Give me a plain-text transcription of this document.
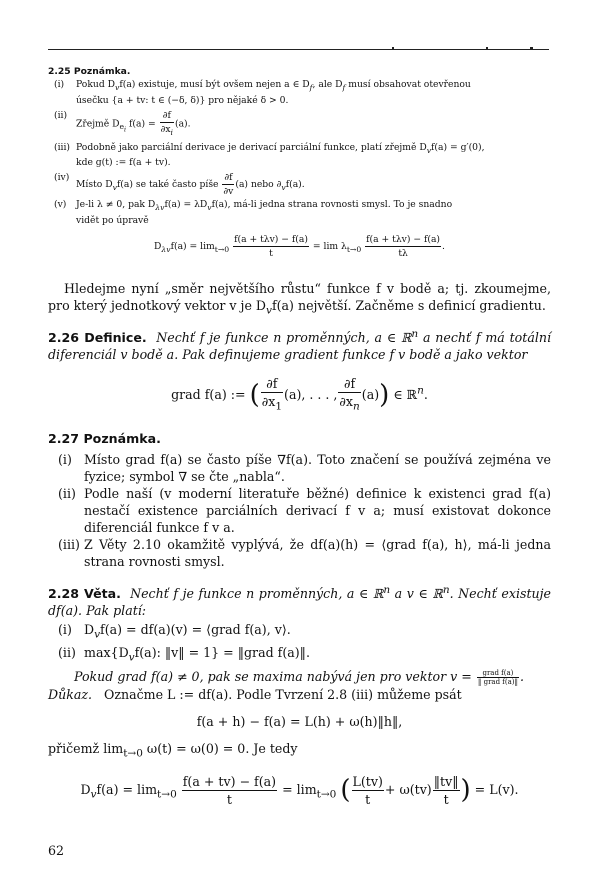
2.25 Poznámka.
(i) Pokud $D_vf(a)$ existuje, musí být ovšem nejen a ∈ $D_f$, ale $D_f$ musí obsahovat otevřenou
úsečku {a + tv: t ∈ (−δ, δ)} pro nějaké δ > 0.
(ii)
Zřejmě $D_{e_i}$ $f(a) = \frac{\partial f}{\partial x_i} (a)$.
(iii) Podobně jako parciální derivace je derivací parciální funkce, platí zřejmě $D_vf(a) = g'(0)$,
kde g(t) := f(a + tv).
(iv)
Místo $D_vf(a)$ se také často píše $\frac{\partial f}{\partial v} (a)$ nebo $\partial_vf(a)$.
(v) Je-li λ ≠ 0, pak $D_{\lambda v}f(a) = \lambda D_vf(a)$, má-li jedna strana rovnosti smysl. To je snadno
vidět po úpravě
$D_{\lambda v}f(a) = \lim_{t\to 0} \frac{\text{f(a + tλv) − f(a)}}{t} = \lim \lambda_{t\to 0} \frac{\text{f(a + tλv) − f(a)}}{t\lambda}$ .
Hledejme nyní „směr největšího růstu“ funkce f v bodě a; tj. zkoumejme, pro který jednotkový vektor v je $D_vf(a)$ největší. Začněme s definicí gradientu.
2.26 Definice. Nechť f je funkce n proměnných, a ∈ ℝ$^n$ a nechť f má totální diferenciál v bodě a. Pak definujeme gradient funkce f v bodě a jako vektor
grad f(a) := ( $\frac{\partial f}{\partial x_1} (a)$, . . . , $\frac{\partial f}{\partial x_n} (a)$) ∈ ℝ$^n$.
2.27 Poznámka.
(i) Místo grad f(a) se často píše ∇f(a). Toto značení se používá zejména ve fyzice; symbol ∇ se čte „nabla“.
(ii) Podle naší (v moderní literatuře běžné) definice k existenci grad f(a) nestačí existence parciálních derivací f v a; musí existovat dokonce diferenciál funkce f v a.
(iii) Z Věty 2.10 okamžitě vyplývá, že df(a)(h) = ⟨grad f(a), h⟩, má-li jedna strana rovnosti smysl.
2.28 Věta. Nechť f je funkce n proměnných, a ∈ ℝ$^n$ a v ∈ ℝ$^n$. Nechť existuje df(a). Pak platí:
(i) $D_vf(a) = df(a)(v)$ = ⟨grad f(a), v⟩.
(ii) $\max\{D_vf(a)$: ‖v‖ = 1} = ‖grad f(a)‖.
Pokud grad f(a) ≠ 0, pak se maxima nabývá jen pro vektor $v = \frac{\text{grad f(a)}}{\text{‖ grad f(a)‖}}$ .
Důkaz. Označme L := df(a). Podle Tvrzení 2.8 (iii) můžeme psát
f(a + h) − f(a) = L(h) + ω(h)‖h‖,
přičemž $\lim_{t\to 0} \omega(t) = \omega(0) = 0$. Je tedy
$D_vf(a) = \lim_{t\to 0} \frac{f(a + tv) - f(a)}{t} = \lim_{t\to 0}$ ( $\frac{L(tv)}{t} + \omega(tv) \frac{‖tv‖}{t}$ ) = L(v).
62
